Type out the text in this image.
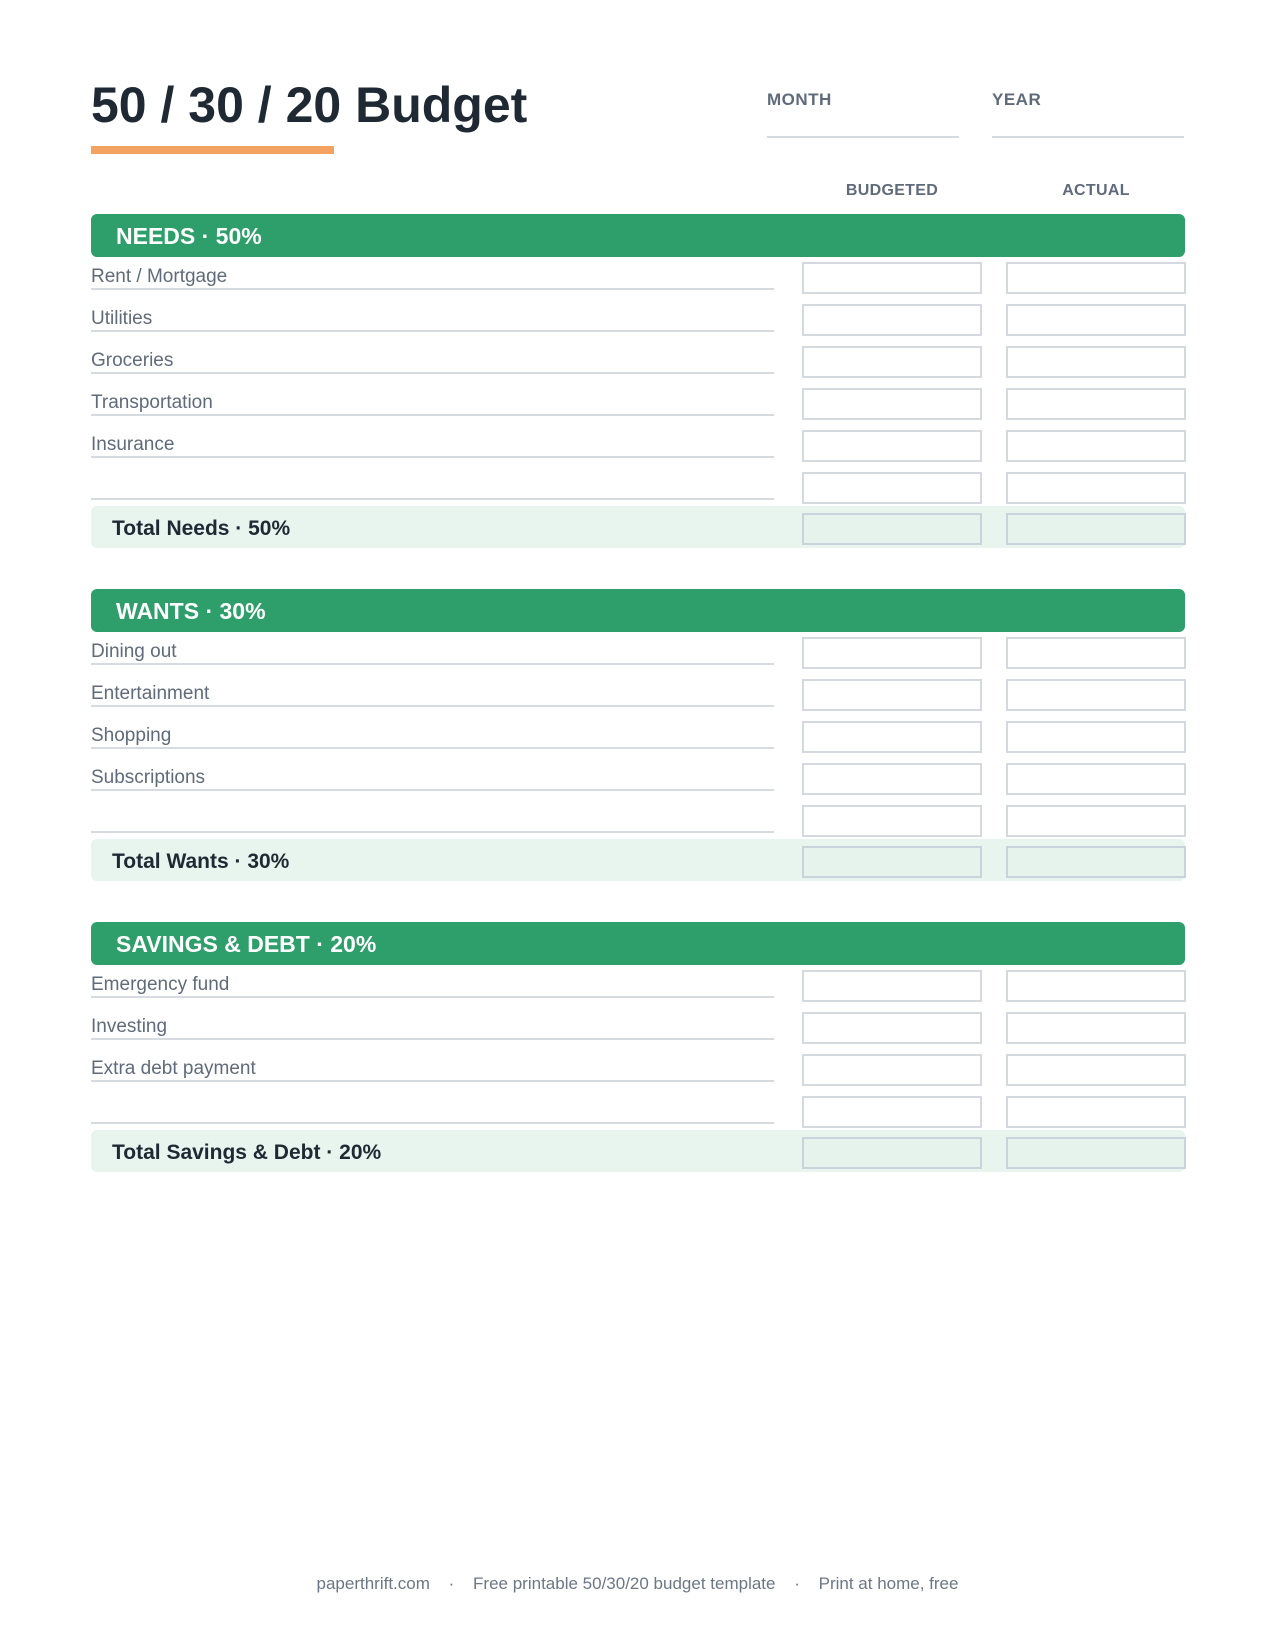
50 / 30 / 20 Budget	MONTH	YEAR
BUDGETED	ACTUAL
NEEDS · 50%
Rent / Mortgage
Utilities
Groceries
Transportation
Insurance
Total Needs · 50%
WANTS · 30%
Dining out
Entertainment
Shopping
Subscriptions
Total Wants · 30%
SAVINGS & DEBT · 20%
Emergency fund
Investing
Extra debt payment
Total Savings & Debt · 20%
paperthrift.com · Free printable 50/30/20 budget template · Print at home, free
